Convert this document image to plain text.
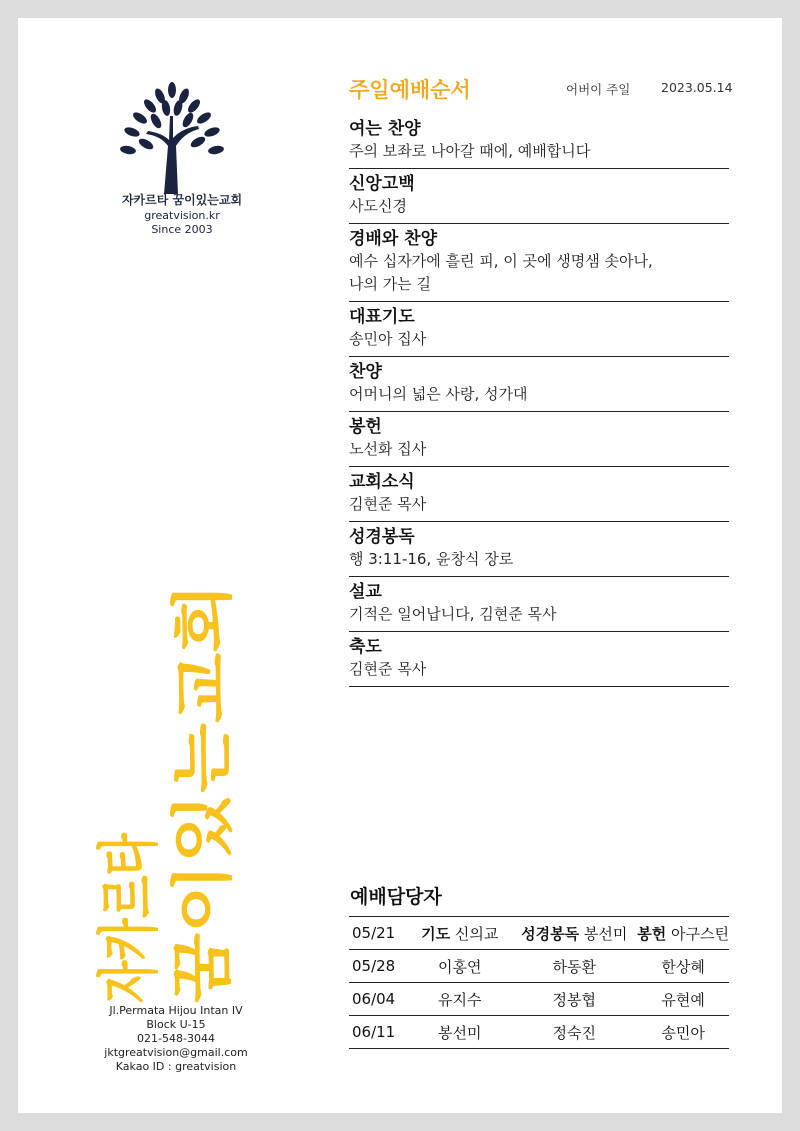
자카르타 꿈이있는교회
greatvision.kr
Since 2003
자카르타 꿈이있는교회
Jl.Permata Hijou Intan IV
Block U-15
021-548-3044
jktgreatvision@gmail.com
Kakao ID : greatvision
주일예배순서	어버이 주일 2023.05.14
여는 찬양
주의 보좌로 나아갈 때에, 예배합니다
신앙고백
사도신경
경배와 찬양
예수 십자가에 흘린 피, 이 곳에 생명샘 솟아나,
나의 가는 길
대표기도
송민아 집사
찬양
어머니의 넓은 사랑, 성가대
봉헌
노선화 집사
교회소식
김현준 목사
성경봉독
행 3:11-16, 윤창식 장로
설교
기적은 일어납니다, 김현준 목사
축도
김현준 목사
예배담당자
05/21	기도 신의교	성경봉독 봉선미	봉헌 아구스틴
05/28	이홍연	하동환	한상혜
06/04	유지수	정봉협	유현예
06/11	봉선미	정숙진	송민아
